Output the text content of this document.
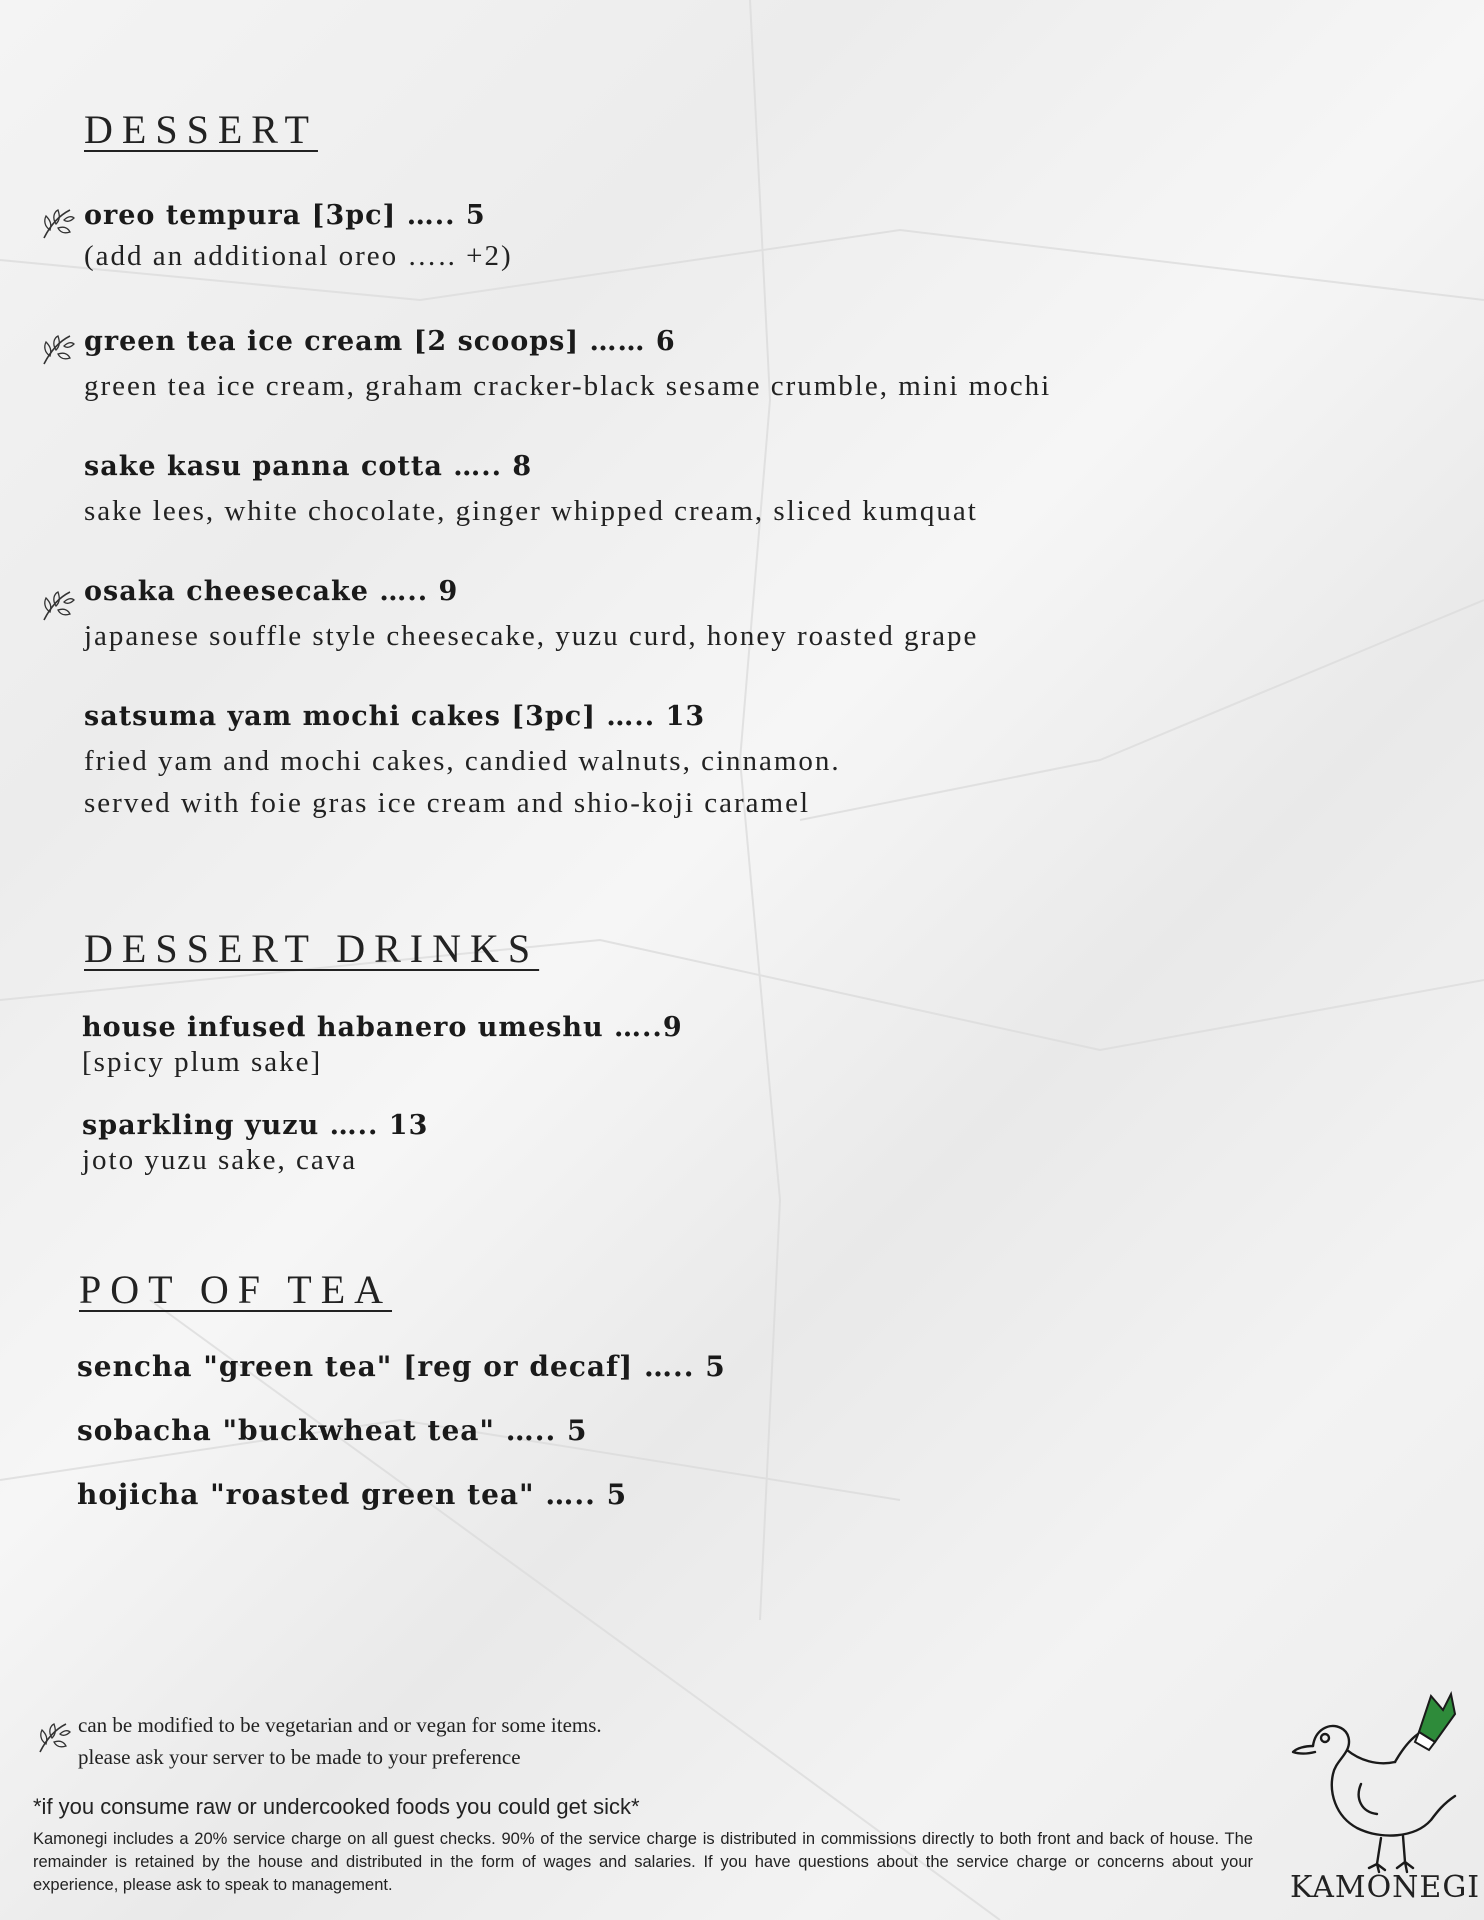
DESSERT
oreo tempura [3pc] ….. 5
(add an additional oreo ….. +2)
green tea ice cream [2 scoops] …… 6
green tea ice cream, graham cracker-black sesame crumble, mini mochi
sake kasu panna cotta ….. 8
sake lees, white chocolate, ginger whipped cream, sliced kumquat
osaka cheesecake ….. 9
japanese souffle style cheesecake, yuzu curd, honey roasted grape
satsuma yam mochi cakes [3pc] ….. 13
fried yam and mochi cakes, candied walnuts, cinnamon.
served with foie gras ice cream and shio-koji caramel
DESSERT DRINKS
house infused habanero umeshu …..9
[spicy plum sake]
sparkling yuzu ….. 13
joto yuzu sake, cava
POT OF TEA
sencha "green tea" [reg or decaf] ….. 5
sobacha "buckwheat tea" ….. 5
hojicha "roasted green tea" ….. 5
can be modified to be vegetarian and or vegan for some items.
please ask your server to be made to your preference
*if you consume raw or undercooked foods you could get sick*
Kamonegi includes a 20% service charge on all guest checks. 90% of the service charge is distributed in commissions directly to both front and back of house. The remainder is retained by the house and distributed in the form of wages and salaries. If you have questions about the service charge or concerns about your experience, please ask to speak to management.	KAMONEGI
